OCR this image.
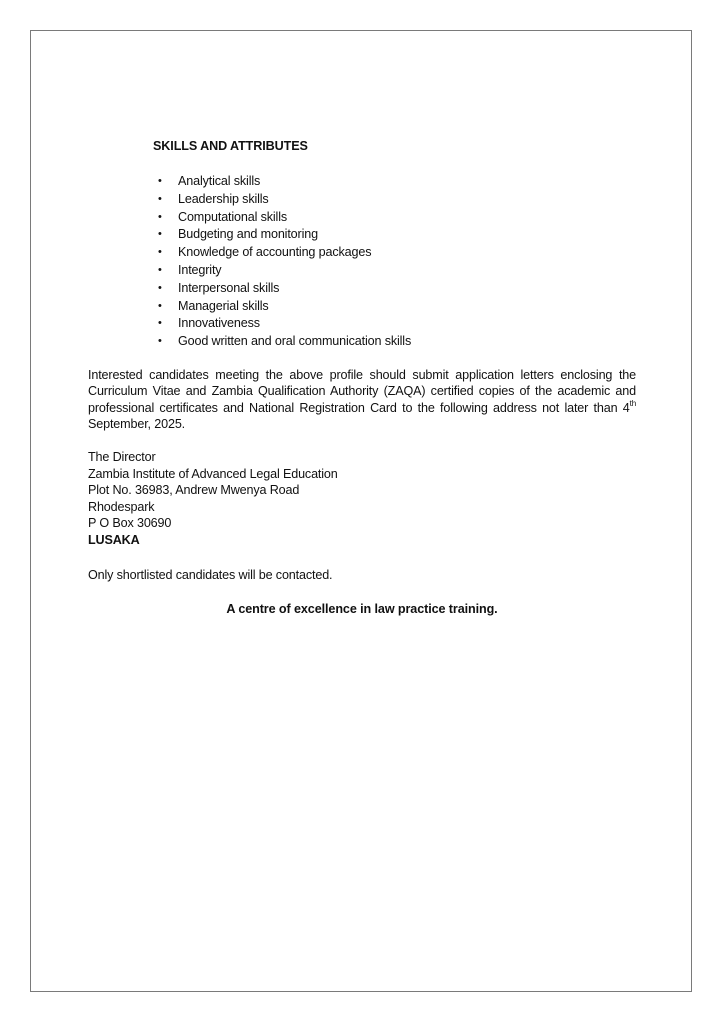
SKILLS AND ATTRIBUTES
• Analytical skills
• Leadership skills
• Computational skills
• Budgeting and monitoring
• Knowledge of accounting packages
• Integrity
• Interpersonal skills
• Managerial skills
• Innovativeness
• Good written and oral communication skills

Interested candidates meeting the above profile should submit application letters enclosing the Curriculum Vitae and Zambia Qualification Authority (ZAQA) certified copies of the academic and professional certificates and National Registration Card to the following address not later than 4th September, 2025.

The Director
Zambia Institute of Advanced Legal Education
Plot No. 36983, Andrew Mwenya Road
Rhodespark
P O Box 30690
LUSAKA

Only shortlisted candidates will be contacted.

A centre of excellence in law practice training.
